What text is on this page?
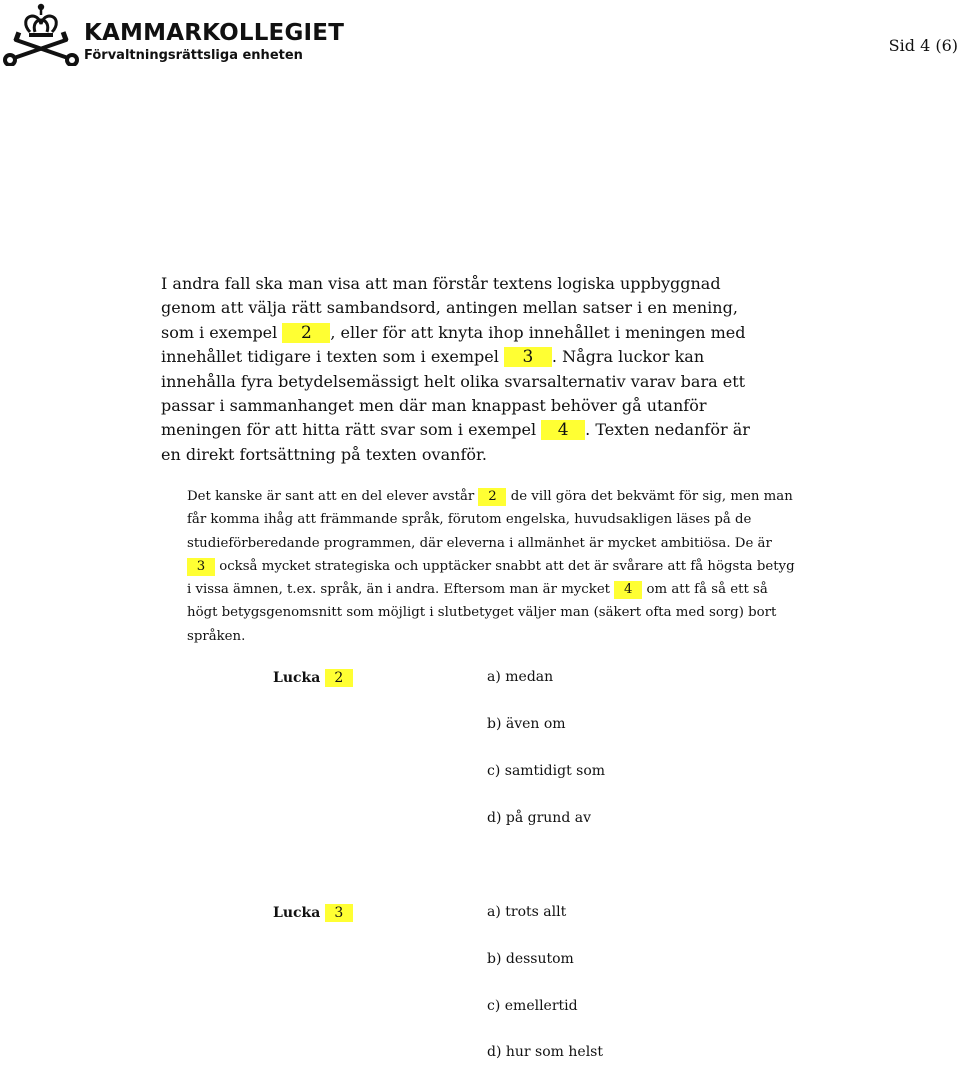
KAMMARKOLLEGIET
Förvaltningsrättsliga enheten
Sid 4 (6)
I andra fall ska man visa att man förstår textens logiska uppbyggnad
genom att välja rätt sambandsord, antingen mellan satser i en mening,
som i exempel 2 , eller för att knyta ihop innehållet i meningen med
innehållet tidigare i texten som i exempel 3 . Några luckor kan
innehålla fyra betydelsemässigt helt olika svarsalternativ varav bara ett
passar i sammanhanget men där man knappast behöver gå utanför
meningen för att hitta rätt svar som i exempel 4 . Texten nedanför är
en direkt fortsättning på texten ovanför.
Det kanske är sant att en del elever avstår 2 de vill göra det bekvämt för sig, men man
får komma ihåg att främmande språk, förutom engelska, huvudsakligen läses på de
studieförberedande programmen, där eleverna i allmänhet är mycket ambitiösa. De är
3 också mycket strategiska och upptäcker snabbt att det är svårare att få högsta betyg
i vissa ämnen, t.ex. språk, än i andra. Eftersom man är mycket 4 om att få så ett så
högt betygsgenomsnitt som möjligt i slutbetyget väljer man (säkert ofta med sorg) bort
språken.
Lucka 2	a) medan
b) även om
c) samtidigt som
d) på grund av
Lucka 3	a) trots allt
b) dessutom
c) emellertid
d) hur som helst
